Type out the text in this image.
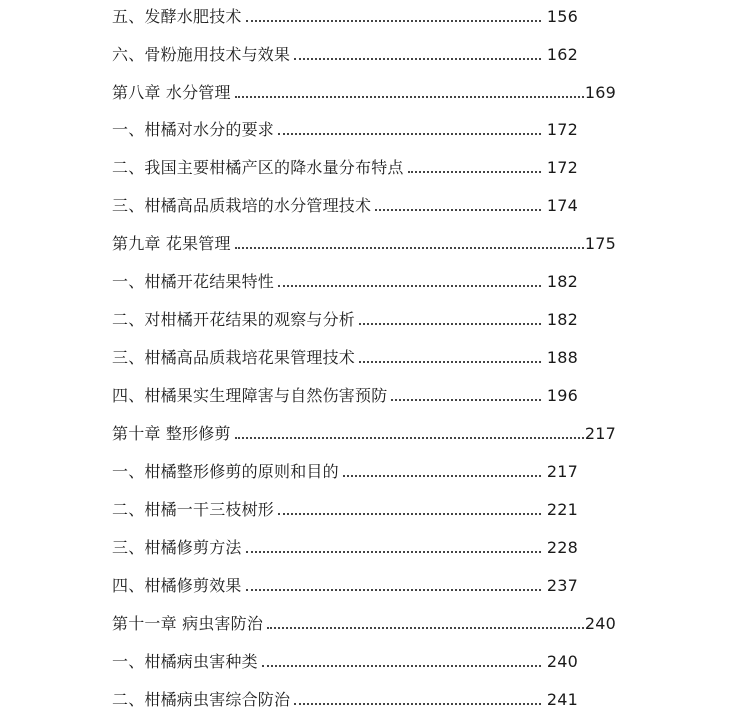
五、发酵水肥技术	156
六、骨粉施用技术与效果	162
第八章 水分管理	169
一、柑橘对水分的要求	172
二、我国主要柑橘产区的降水量分布特点	172
三、柑橘高品质栽培的水分管理技术	174
第九章 花果管理	175
一、柑橘开花结果特性	182
二、对柑橘开花结果的观察与分析	182
三、柑橘高品质栽培花果管理技术	188
四、柑橘果实生理障害与自然伤害预防	196
第十章 整形修剪	217
一、柑橘整形修剪的原则和目的	217
二、柑橘一干三枝树形	221
三、柑橘修剪方法	228
四、柑橘修剪效果	237
第十一章 病虫害防治	240
一、柑橘病虫害种类	240
二、柑橘病虫害综合防治	241
